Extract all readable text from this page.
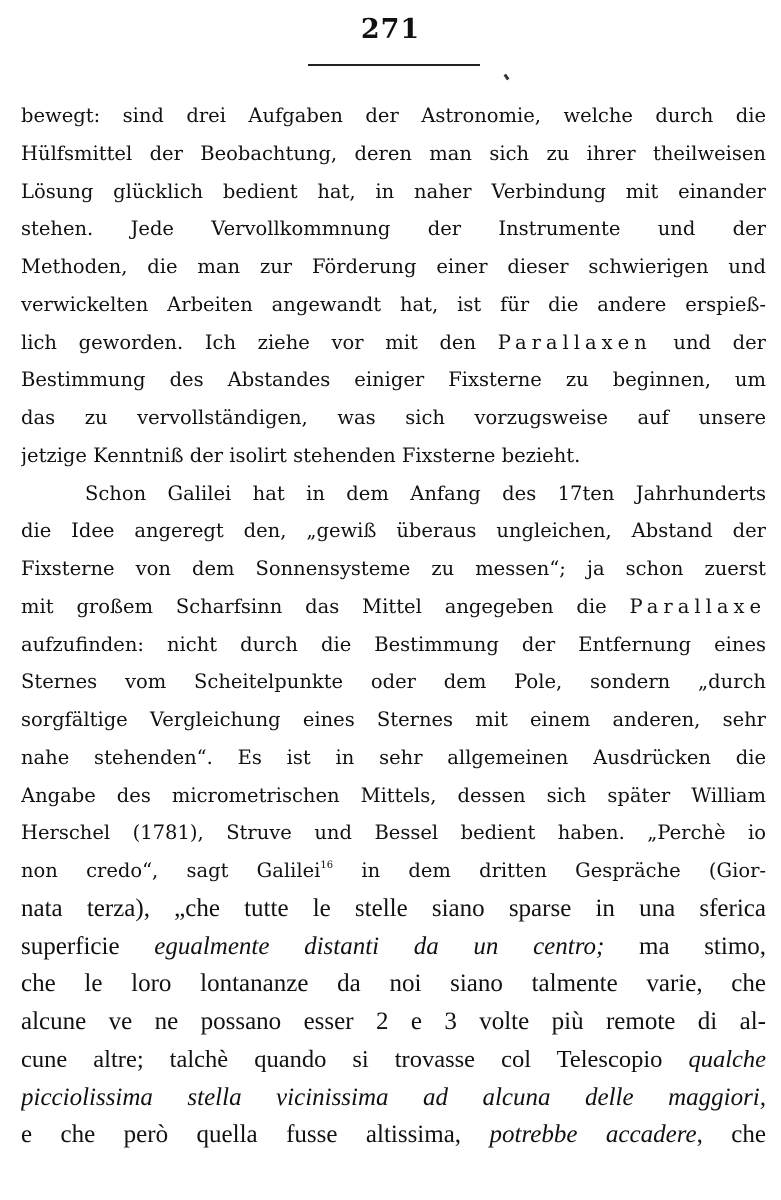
271
bewegt: sind drei Aufgaben der Astronomie, welche durch die
Hülfsmittel der Beobachtung, deren man sich zu ihrer theilweisen
Lösung glücklich bedient hat, in naher Verbindung mit einander
stehen. Jede Vervollkommnung der Instrumente und der
Methoden, die man zur Förderung einer dieser schwierigen und
verwickelten Arbeiten angewandt hat, ist für die andere erspieß-
lich geworden. Ich ziehe vor mit den Parallaxen und der
Bestimmung des Abstandes einiger Fixsterne zu beginnen, um
das zu vervollständigen, was sich vorzugsweise auf unsere
jetzige Kenntniß der isolirt stehenden Fixsterne bezieht.
Schon Galilei hat in dem Anfang des 17ten Jahrhunderts
die Idee angeregt den, „gewiß überaus ungleichen, Abstand der
Fixsterne von dem Sonnensysteme zu messen“; ja schon zuerst
mit großem Scharfsinn das Mittel angegeben die Parallaxe
aufzufinden: nicht durch die Bestimmung der Entfernung eines
Sternes vom Scheitelpunkte oder dem Pole, sondern „durch
sorgfältige Vergleichung eines Sternes mit einem anderen, sehr
nahe stehenden“. Es ist in sehr allgemeinen Ausdrücken die
Angabe des micrometrischen Mittels, dessen sich später William
Herschel (1781), Struve und Bessel bedient haben. „Perchè io
non credo“, sagt Galilei$^{16}$ in dem dritten Gespräche (Gior-
nata terza), „che tutte le stelle siano sparse in una sferica
superficie egualmente distanti da un centro; ma stimo,
che le loro lontananze da noi siano talmente varie, che
alcune ve ne possano esser 2 e 3 volte più remote di al-
cune altre; talchè quando si trovasse col Telescopio qualche
picciolissima stella vicinissima ad alcuna delle maggiori,
e che però quella fusse altissima, potrebbe accadere, che
